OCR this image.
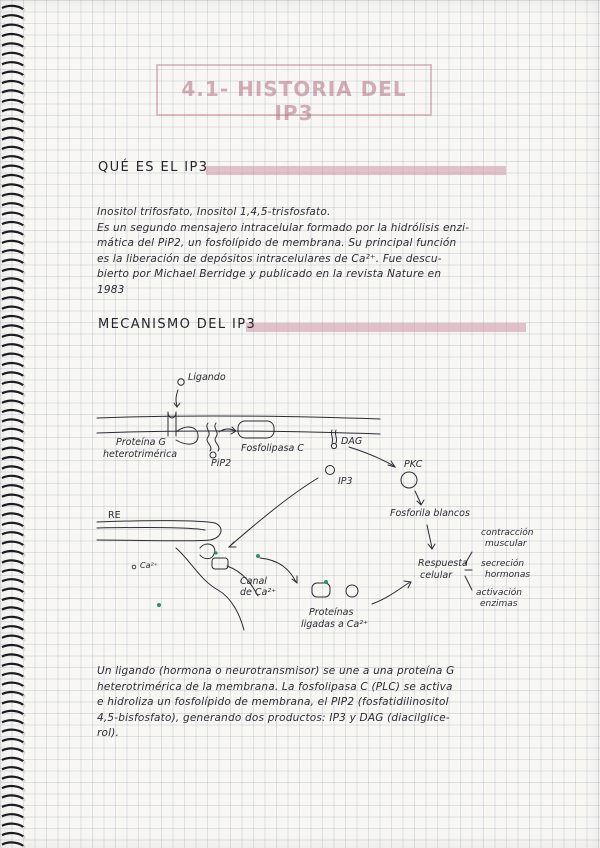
4.1- HISTORIA DEL IP3
QUÉ ES EL IP3
Inositol trifosfato, Inositol 1,4,5-trisfosfato.
Es un segundo mensajero intracelular formado por la hidrólisis enzi-
mática del PiP2, un fosfolípido de membrana. Su principal función
es la liberación de depósitos intracelulares de Ca²⁺. Fue descu-
bierto por Michael Berridge y publicado en la revista Nature en
1983
MECANISMO DEL IP3
Ligando
Proteína G
heterotrimérica
PiP2
Fosfolipasa C
DAG
PKC
IP3
RE
Ca²⁺
Fosforila blancos
Respuesta
celular
contracción
muscular
secreción
hormonas
activación
enzimas
Canal
de Ca²⁺
Proteínas
ligadas a Ca²⁺
Un ligando (hormona o neurotransmisor) se une a una proteína G
heterotrimérica de la membrana. La fosfolipasa C (PLC) se activa
e hidroliza un fosfolípido de membrana, el PIP2 (fosfatidilinositol
4,5-bisfosfato), generando dos productos: IP3 y DAG (diacilglice-
rol).
